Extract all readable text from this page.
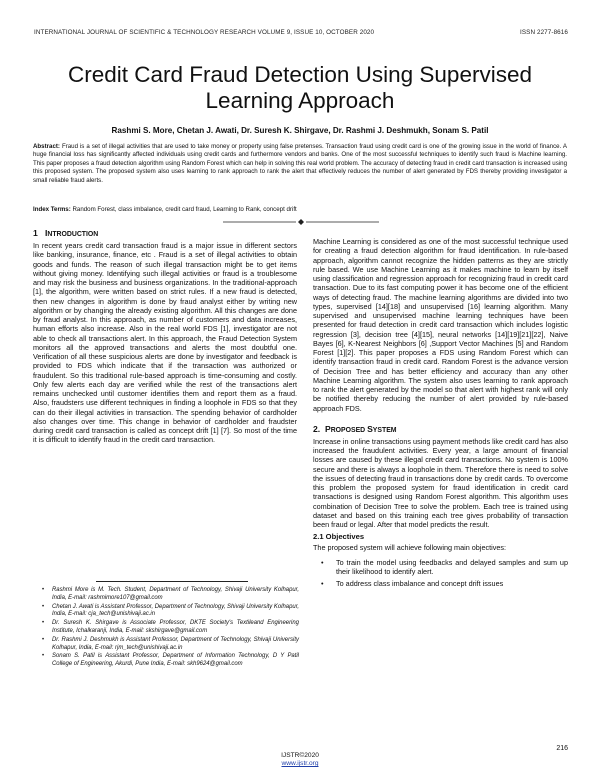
INTERNATIONAL JOURNAL OF SCIENTIFIC & TECHNOLOGY RESEARCH VOLUME 9, ISSUE 10, OCTOBER 2020	ISSN 2277-8616
Credit Card Fraud Detection Using Supervised Learning Approach
Rashmi S. More, Chetan J. Awati, Dr. Suresh K. Shirgave, Dr. Rashmi J. Deshmukh, Sonam S. Patil
Abstract: Fraud is a set of illegal activities that are used to take money or property using false pretenses. Transaction fraud using credit card is one of the growing issue in the world of finance. A huge financial loss has significantly affected individuals using credit cards and furthermore vendors and banks. One of the most successful techniques to identify such fraud is Machine learning. This paper proposes a fraud detection algorithm using Random Forest which can help in solving this real world problem. The accuracy of detecting fraud in credit card transaction is increased using this proposed system. The proposed system also uses learning to rank approach to rank the alert that effectively reduces the number of alert generated by FDS thereby providing investigator a small reliable fraud alerts.
Index Terms: Random Forest, class imbalance, credit card fraud, Learning to Rank, concept drift
1 INTRODUCTION

In recent years credit card transaction fraud is a major issue in different sectors like banking, insurance, finance, etc . Fraud is a set of illegal activities to obtain goods and funds. The reason of such illegal transaction might be to get items without giving money. Identifying such illegal activities or fraud is a troublesome and may risk the business and business organizations. In the traditional-approach [1], the algorithm, were written based on strict rules. If a new fraud is detected, then new changes in algorithm is done by fraud analyst either by writing new algorithm or by changing the already existing algorithm. All this changes are done by fraud analyst. In this approach, as number of customers and data increases, human efforts also increase. Also in the real world FDS [1], investigator are not able to check all transactions alert. In this approach, the Fraud Detection System monitors all the approved transactions and alerts the most doubtful one. Verification of all these suspicious alerts are done by investigator and feedback is provided to FDS which indicate that if the transaction was authorized or fraudulent. So this traditional rule-based approach is time-consuming and costly. Only few alerts each day are verified while the rest of the transactions alert remains unchecked until customer identifies them and report them as a fraud. Also, fraudsters use different techniques in finding a loophole in FDS so that they can do their illegal activities in transaction. The spending behavior of cardholder also changes over time. This change in behavior of cardholder and fraudster during credit card transaction is called as concept drift [1] [7]. So most of the time it is difficult to identify fraud in the credit card transaction.

• Rashmi More is M. Tech. Student, Department of Technology, Shivaji University Kolhapur, India, E-mail: rashmimore107@gmail.com
• Chetan J. Awati is Assistant Professor, Department of Technology, Shivaji University Kolhapur, India, E-mail: cja_tech@unishivaji.ac.in
• Dr. Suresh K. Shirgave is Associate Professor, DKTE Society's Textileand Engineering Institute, Ichalkaranji, India, E-mail: skshirgave@gmail.com
• Dr. Rashmi J. Deshmukh is Assistant Professor, Department of Technology, Shivaji University Kolhapur, India, E-mail: rjm_tech@unishivaji.ac.in
• Sonam S. Patil is Assistant Professor, Department of Information Technology, D Y Patil College of Engineering, Akurdi, Pune India, E-mail: skh9624@gmail.com

Machine Learning is considered as one of the most successful technique used for creating a fraud detection algorithm for fraud identification. In rule-based approach, algorithm cannot recognize the hidden patterns as they are strictly rule based. We use Machine Learning as it makes machine to learn by itself using classification and regression approach for recognizing fraud in credit card transaction. Due to its fast computing power it has become one of the efficient ways of detecting fraud. The machine learning algorithms are divided into two types, supervised [14][18] and unsupervised [16] learning algorithm. Many supervised and unsupervised machine learning techniques have been presented for fraud detection in credit card transaction which includes logistic regression [3], decision tree [4][15], neural networks [14][19][21][22], Naive Bayes [6], K-Nearest Neighbors [6] ,Support Vector Machines [5] and Random Forest [1][2]. This paper proposes a FDS using Random Forest which can identify transaction fraud in credit card. Random Forest is the advance version of Decision Tree and has better efficiency and accuracy than any other Machine Learning algorithm. The system also uses learning to rank approach to rank the alert generated by the model so that alert with highest rank will only be notified thereby reducing the number of alert provided by rule-based approach FDS.

2. PROPOSED SYSTEM

Increase in online transactions using payment methods like credit card has also increased the fraudulent activities. Every year, a large amount of financial losses are caused by these illegal credit card transactions. No system is 100% secure and there is always a loophole in them. Therefore there is need to solve the issues of detecting fraud in transactions done by credit cards. To overcome this problem the proposed system for fraud identification in credit card transactions is designed using Random Forest algorithm. This algorithm uses combination of Decision Tree to solve the problem. Each tree is trained using dataset and based on this training each tree gives probability of transaction been fraud or legal. After that model predicts the result.

2.1 Objectives

The proposed system will achieve following main objectives:

• To train the model using feedbacks and delayed samples and sum up their likelihood to identify alert.
• To address class imbalance and concept drift issues
216
IJSTR©2020
www.ijstr.org
